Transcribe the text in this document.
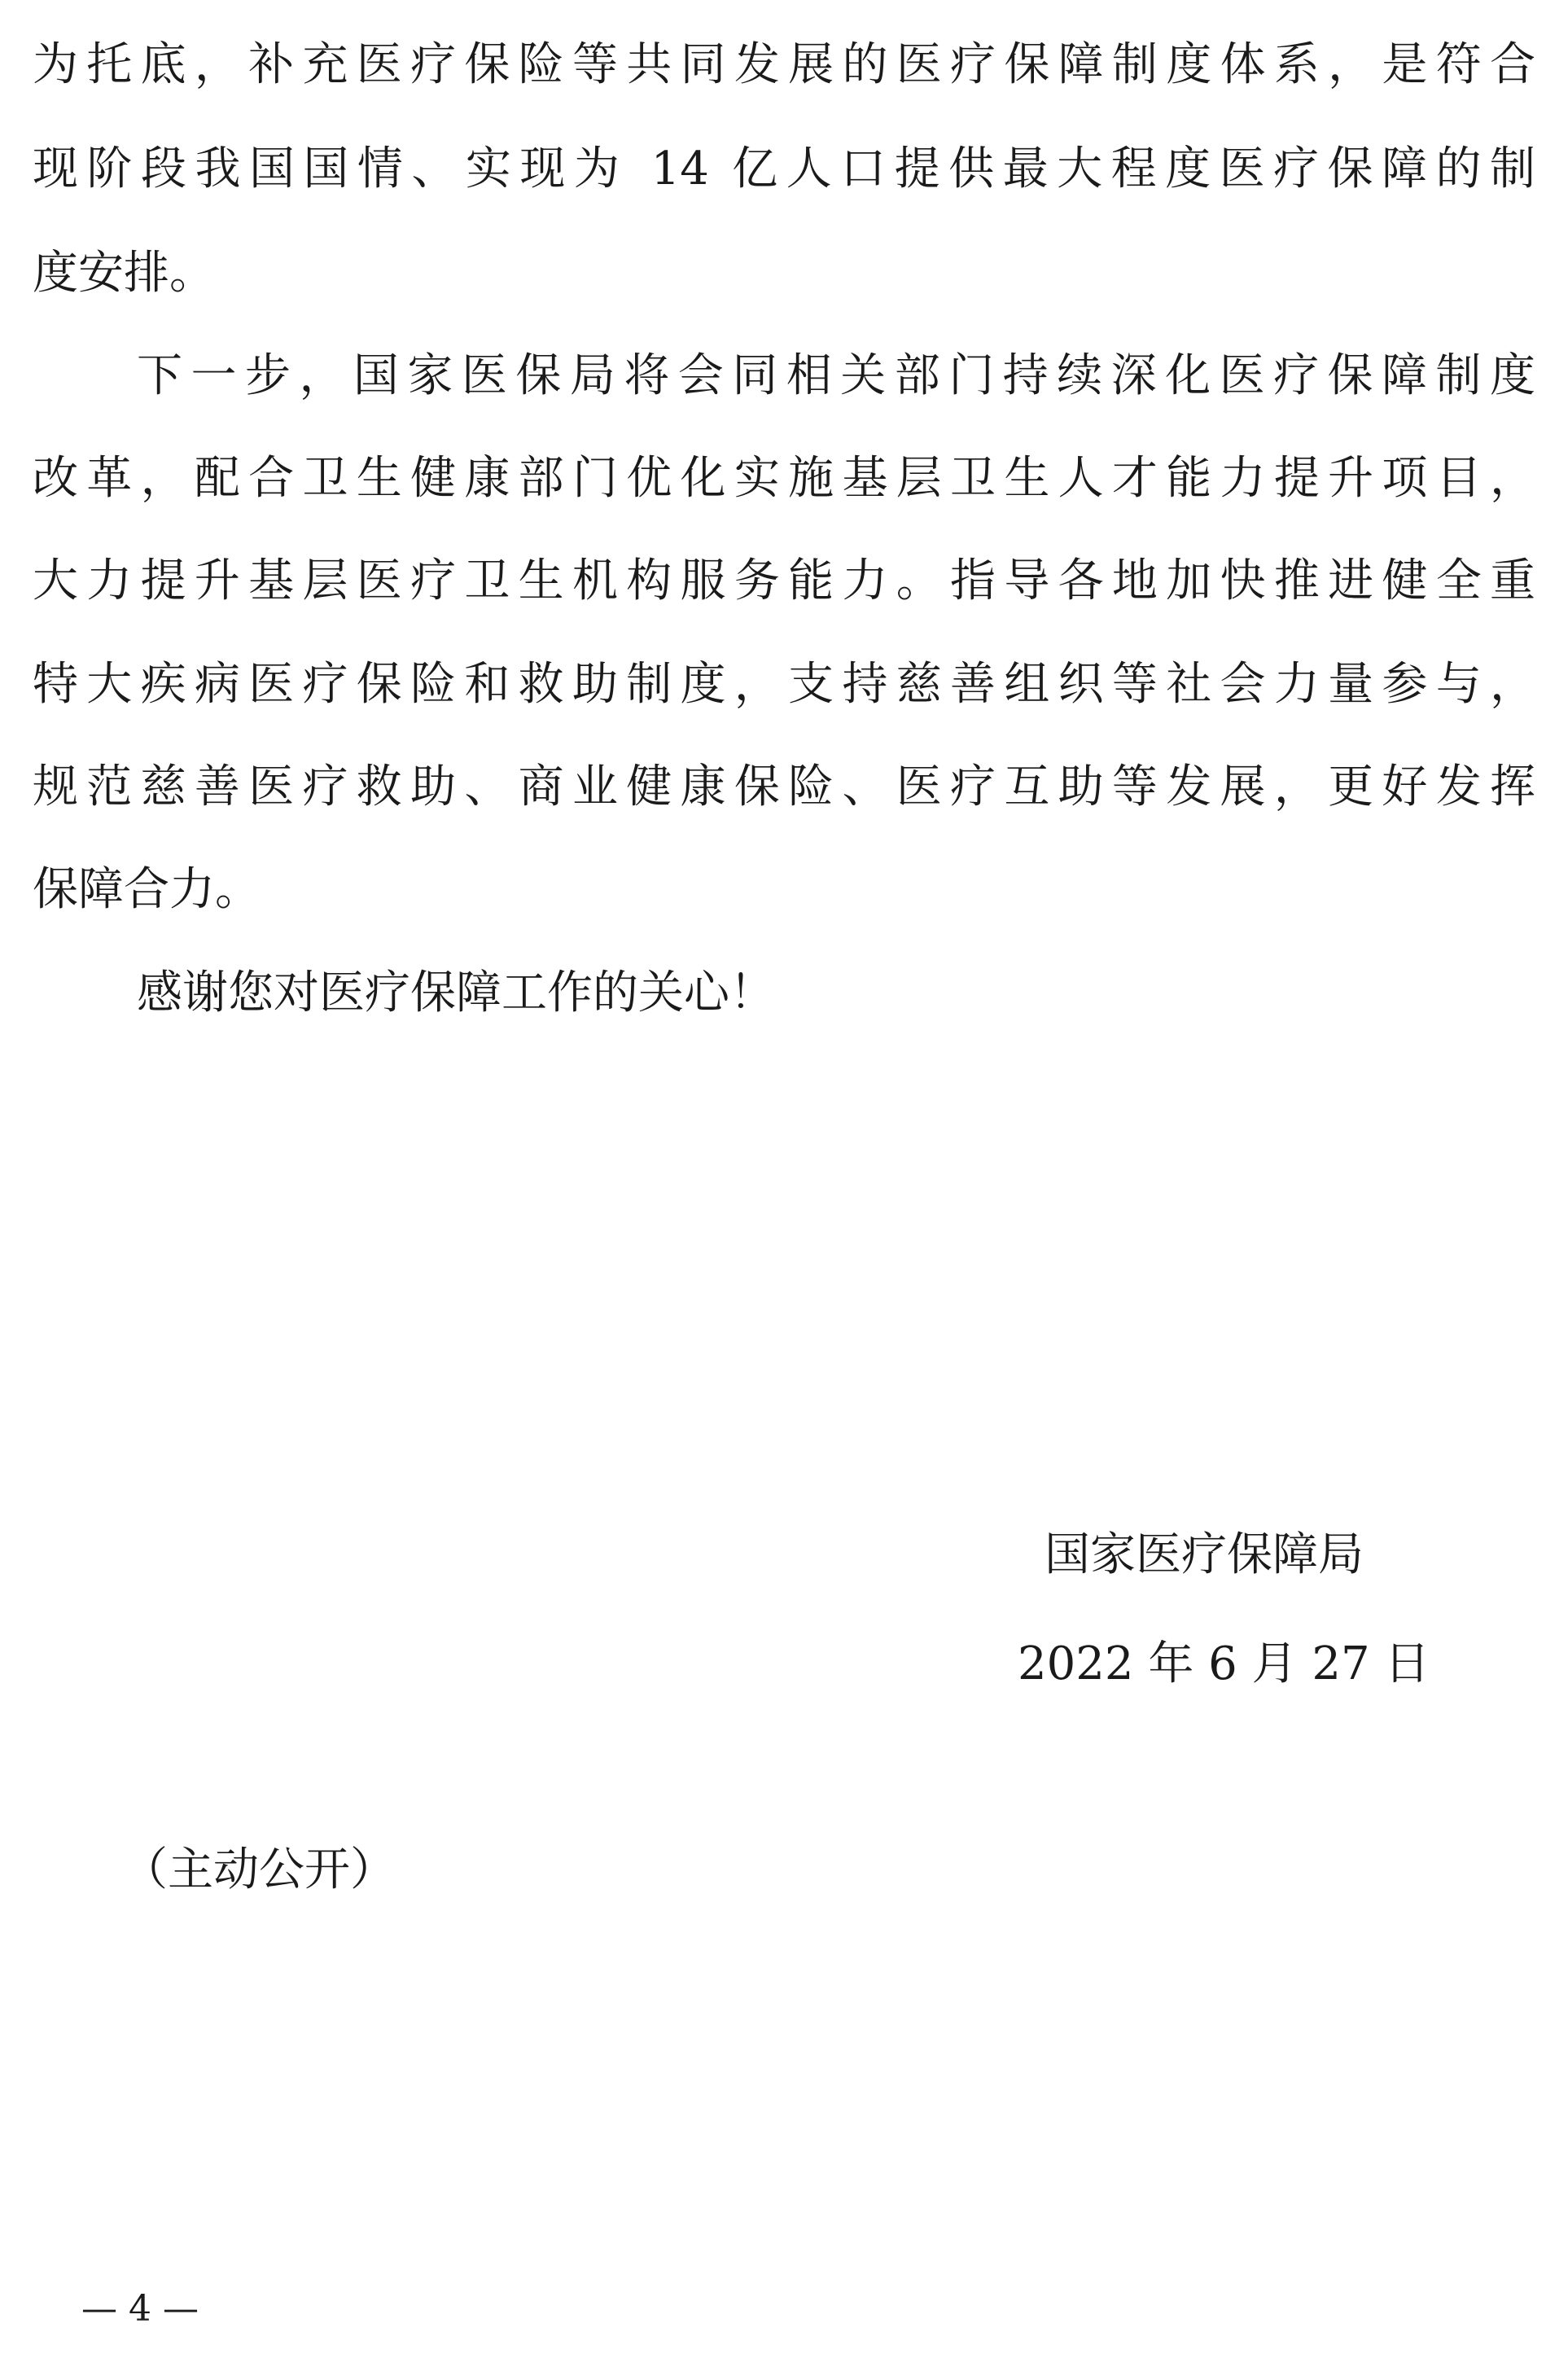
为托底，补充医疗保险等共同发展的医疗保障制度体系，是符合
现阶段我国国情、实现为 14 亿人口提供最大程度医疗保障的制
度安排。
下一步，国家医保局将会同相关部门持续深化医疗保障制度
改革，配合卫生健康部门优化实施基层卫生人才能力提升项目，
大力提升基层医疗卫生机构服务能力。指导各地加快推进健全重
特大疾病医疗保险和救助制度，支持慈善组织等社会力量参与，
规范慈善医疗救助、商业健康保险、医疗互助等发展，更好发挥
保障合力。
感谢您对医疗保障工作的关心！
国家医疗保障局
2022 年 6 月 27 日
（主动公开）
— 4 —
